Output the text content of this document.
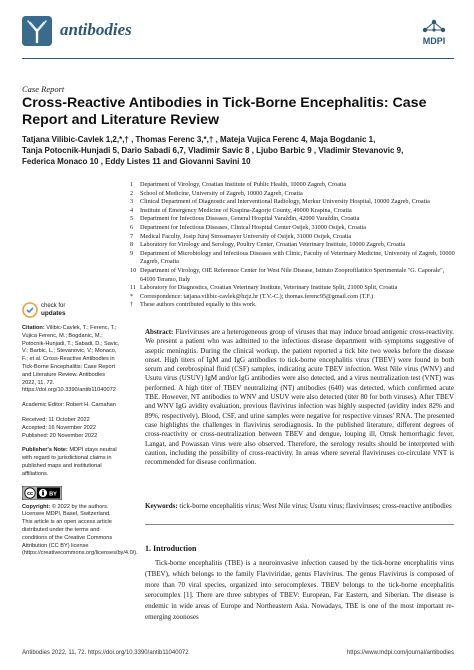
antibodies
MDPI
Case Report
Cross-Reactive Antibodies in Tick-Borne Encephalitis: Case Report and Literature Review
Tatjana Vilibic-Cavlek 1,2,*,† , Thomas Ferenc 3,*,† , Mateja Vujica Ferenc 4, Maja Bogdanic 1,
Tanja Potocnik-Hunjadi 5, Dario Sabadi 6,7, Vladimir Savic 8 , Ljubo Barbic 9 , Vladimir Stevanovic 9,
Federica Monaco 10 , Eddy Listes 11 and Giovanni Savini 10
1	Department of Virology, Croatian Institute of Public Health, 10000 Zagreb, Croatia
2	School of Medicine, University of Zagreb, 10000 Zagreb, Croatia
3	Clinical Department of Diagnostic and Interventional Radiology, Merkur University Hospital, 10000 Zagreb, Croatia
4	Institute of Emergency Medicine of Krapina-Zagorje County, 49000 Krapina, Croatia
5	Department for Infectious Diseases, General Hospital Varaždin, 42000 Varaždin, Croatia
6	Department for Infectious Diseases, Clinical Hospital Center Osijek, 31000 Osijek, Croatia
7	Medical Faculty, Josip Juraj Strossmayer University of Osijek, 31000 Osijek, Croatia
8	Laboratory for Virology and Serology, Poultry Center, Croatian Veterinary Institute, 10000 Zagreb, Croatia
9	Department of Microbiology and Infectious Diseases with Clinic, Faculty of Veterinary Medicine, University of Zagreb, 10000 Zagreb, Croatia
10 Department of Virology, OIE Reference Center for West Nile Disease, Istituto Zooprofilattico Sperimentale "G. Caporale", 64100 Teramo, Italy
11 Laboratory for Diagnostics, Croatian Veterinary Institute, Veterinary Institute Split, 21000 Split, Croatia
*	Correspondence: tatjana.vilibic-cavlek@hzjz.hr (T.V.-C.); thomas.ferenc95@gmail.com (T.F.)
†	These authors contributed equally to this work.
check for
updates
Citation: Vilibic-Cavlek, T.; Ferenc, T.; Vujica Ferenc, M.; Bogdanic, M.; Potocnik-Hunjadi, T.; Sabadi, D.; Savic, V.; Barbic, L.; Stevanovic, V.; Monaco, F.; et al. Cross-Reactive Antibodies in Tick-Borne Encephalitis: Case Report and Literature Review. Antibodies 2022, 11, 72. https://doi.org/10.3390/antib11040072
Academic Editor: Robert H. Carnahan
Received: 11 October 2022
Accepted: 16 November 2022
Published: 20 November 2022
Publisher's Note: MDPI stays neutral with regard to jurisdictional claims in published maps and institutional affiliations.
cc	BY
Copyright: © 2022 by the authors. Licensee MDPI, Basel, Switzerland. This article is an open access article distributed under the terms and conditions of the Creative Commons Attribution (CC BY) license (https://creativecommons.org/licenses/by/4.0/).
Abstract: Flaviviruses are a heterogeneous group of viruses that may induce broad antigenic cross-reactivity. We present a patient who was admitted to the infectious disease department with symptoms suggestive of aseptic meningitis. During the clinical workup, the patient reported a tick bite two weeks before the disease onset. High titers of IgM and IgG antibodies to tick-borne encephalitis virus (TBEV) were found in both serum and cerebrospinal fluid (CSF) samples, indicating acute TBEV infection. West Nile virus (WNV) and Usutu virus (USUV) IgM and/or IgG antibodies were also detected, and a virus neutralization test (VNT) was performed. A high titer of TBEV neutralizing (NT) antibodies (640) was detected, which confirmed acute TBE. However, NT antibodies to WNV and USUV were also detected (titer 80 for both viruses). After TBEV and WNV IgG avidity evaluation, previous flavivirus infection was highly suspected (avidity index 82% and 89%, respectively). Blood, CSF, and urine samples were negative for respective viruses' RNA. The presented case highlights the challenges in flavivirus serodiagnosis. In the published literature, different degrees of cross-reactivity or cross-neutralization between TBEV and dengue, louping ill, Omsk hemorrhagic fever, Langat, and Powassan virus were also observed. Therefore, the serology results should be interpreted with caution, including the possibility of cross-reactivity. In areas where several flaviviruses co-circulate VNT is recommended for disease confirmation.
Keywords: tick-borne encephalitis virus; West Nile virus; Usutu virus; flaviviruses; cross-reactive antibodies
1. Introduction
Tick-borne encephalitis (TBE) is a neuroinvasive infection caused by the tick-borne encephalitis virus (TBEV), which belongs to the family Flaviviridae, genus Flavivirus. The genus Flavivirus is composed of more than 70 viral species, organized into serocomplexes. TBEV belongs to the tick-borne encephalitis serocomplex [1]. There are three subtypes of TBEV: European, Far Eastern, and Siberian. The disease is endemic in wide areas of Europe and Northeastern Asia. Nowadays, TBE is one of the most important re-emerging zoonoses
Antibodies 2022, 11, 72. https://doi.org/10.3390/antib11040072	https://www.mdpi.com/journal/antibodies
